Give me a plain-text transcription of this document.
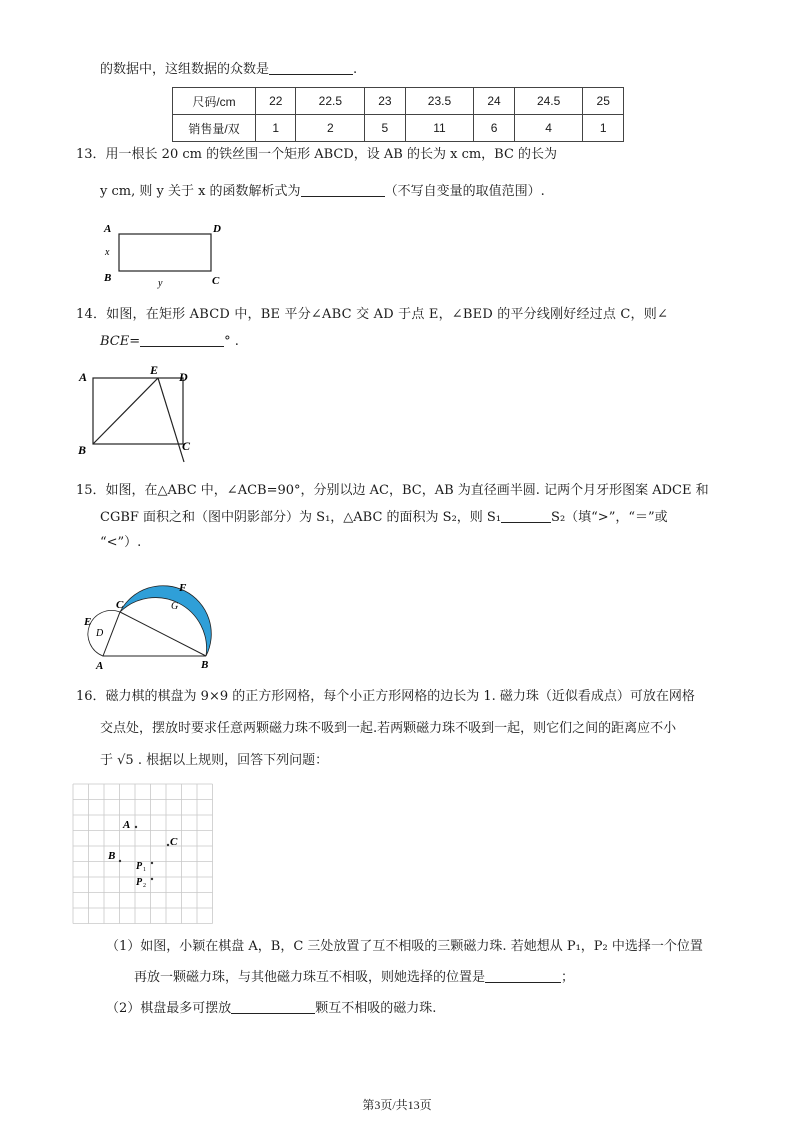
的数据中，这组数据的众数是	.
尺码/cm	22	22.5	23	23.5	24	24.5	25
销售量/双	1	2	5	11	6	4	1
13．用一根长 20 cm 的铁丝围一个矩形 ABCD，设 AB 的长为 x cm，BC 的长为
y cm, 则 y 关于 x 的函数解析式为	（不写自变量的取值范围）.
A	D
x
B	C
y
14．如图，在矩形 ABCD 中，BE 平分∠ABC 交 AD 于点 E，∠BED 的平分线刚好经过点 C，则∠
BCE=	° .
A	E D
B	C
15．如图，在△ABC 中，∠ACB=90°，分别以边 AC，BC，AB 为直径画半圆. 记两个月牙形图案 ADCE 和
CGBF 面积之和（图中阴影部分）为 S₁，△ABC 的面积为 S₂，则 S₁	S₂（填“>”，“＝”或
“<”）.
A	B
C
D
E
F
G
16．磁力棋的棋盘为 9×9 的正方形网格，每个小正方形网格的边长为 1. 磁力珠（近似看成点）可放在网格
交点处，摆放时要求任意两颗磁力珠不吸到一起.若两颗磁力珠不吸到一起，则它们之间的距离应不小
于 √5 . 根据以上规则，回答下列问题：
A
C
B
P 1
P 2
（1）如图，小颖在棋盘 A，B，C 三处放置了互不相吸的三颗磁力珠. 若她想从 P₁，P₂ 中选择一个位置
再放一颗磁力珠，与其他磁力珠互不相吸，则她选择的位置是	；
（2）棋盘最多可摆放	颗互不相吸的磁力珠.
第3页/共13页
